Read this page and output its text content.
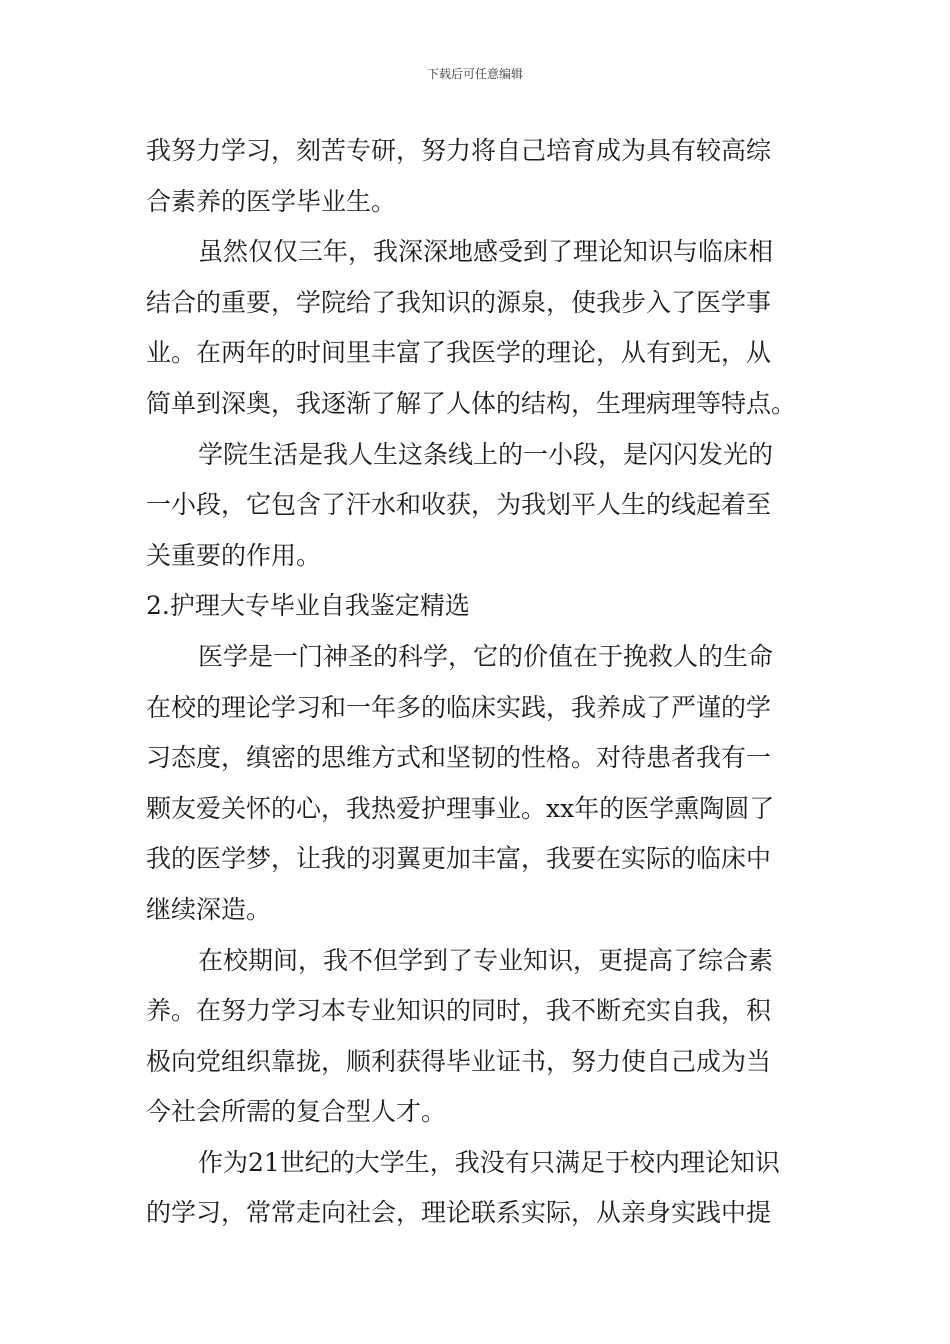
下载后可任意编辑
我努力学习，刻苦专研，努力将自己培育成为具有较高综
合素养的医学毕业生。
虽然仅仅三年，我深深地感受到了理论知识与临床相
结合的重要，学院给了我知识的源泉，使我步入了医学事
业。在两年的时间里丰富了我医学的理论，从有到无，从
简单到深奥，我逐渐了解了人体的结构，生理病理等特点。
学院生活是我人生这条线上的一小段，是闪闪发光的
一小段，它包含了汗水和收获，为我划平人生的线起着至
关重要的作用。
2.护理大专毕业自我鉴定精选
医学是一门神圣的科学，它的价值在于挽救人的生命
在校的理论学习和一年多的临床实践，我养成了严谨的学
习态度，缜密的思维方式和坚韧的性格。对待患者我有一
颗友爱关怀的心，我热爱护理事业。xx年的医学熏陶圆了
我的医学梦，让我的羽翼更加丰富，我要在实际的临床中
继续深造。
在校期间，我不但学到了专业知识，更提高了综合素
养。在努力学习本专业知识的同时，我不断充实自我，积
极向党组织靠拢，顺利获得毕业证书，努力使自己成为当
今社会所需的复合型人才。
作为21世纪的大学生，我没有只满足于校内理论知识
的学习，常常走向社会，理论联系实际，从亲身实践中提
